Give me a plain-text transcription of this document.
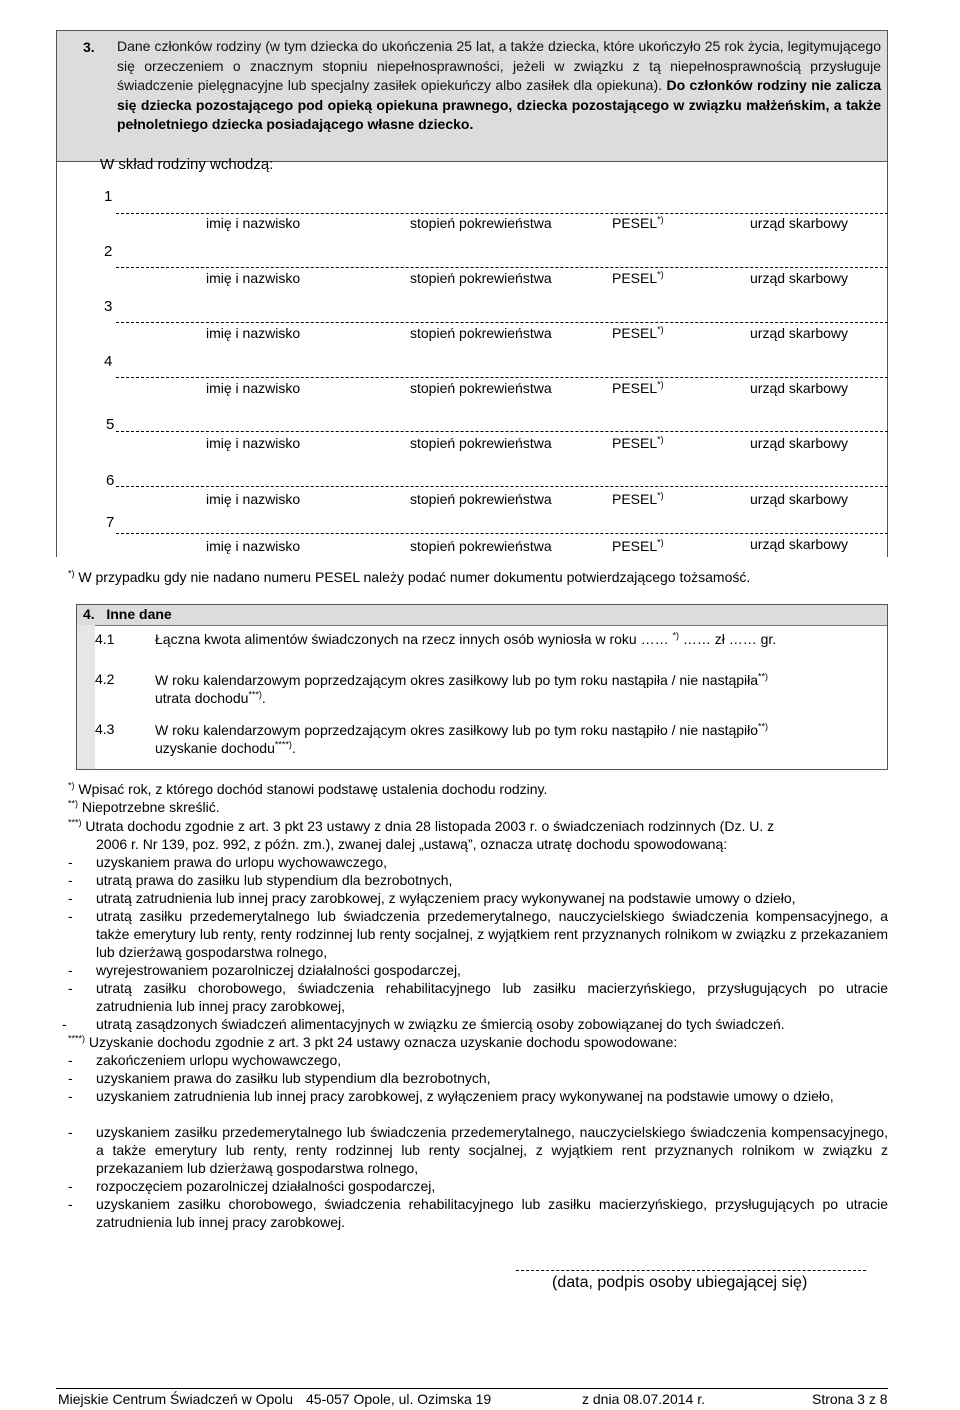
3. Dane członków rodziny (w tym dziecka do ukończenia 25 lat, a także dziecka, które ukończyło 25 rok życia, legitymującego się orzeczeniem o znacznym stopniu niepełnosprawności, jeżeli w związku z tą niepełnosprawnością przysługuje świadczenie pielęgnacyjne lub specjalny zasiłek opiekuńczy albo zasiłek dla opiekuna). Do członków rodziny nie zalicza się dziecka pozostającego pod opieką opiekuna prawnego, dziecka pozostającego w związku małżeńskim, a także pełnoletniego dziecka posiadającego własne dziecko.
W skład rodziny wchodzą:
1
imię i nazwisko	stopień pokrewieństwa	PESEL*)	urząd skarbowy
2
imię i nazwisko	stopień pokrewieństwa	PESEL*)	urząd skarbowy
3
imię i nazwisko	stopień pokrewieństwa	PESEL*)	urząd skarbowy
4
imię i nazwisko	stopień pokrewieństwa	PESEL*)	urząd skarbowy
5
imię i nazwisko	stopień pokrewieństwa	PESEL*)	urząd skarbowy
6
imię i nazwisko	stopień pokrewieństwa	PESEL*)	urząd skarbowy
7
imię i nazwisko	stopień pokrewieństwa	PESEL*)	urząd skarbowy
*) W przypadku gdy nie nadano numeru PESEL należy podać numer dokumentu potwierdzającego tożsamość.
4. Inne dane
4.1	Łączna kwota alimentów świadczonych na rzecz innych osób wyniosła w roku …… *) …… zł …… gr.
4.2	W roku kalendarzowym poprzedzającym okres zasiłkowy lub po tym roku nastąpiła / nie nastąpiła**)
utrata dochodu***).
4.3	W roku kalendarzowym poprzedzającym okres zasiłkowy lub po tym roku nastąpiło / nie nastąpiło**)
uzyskanie dochodu****).
*) Wpisać rok, z którego dochód stanowi podstawę ustalenia dochodu rodziny.
**) Niepotrzebne skreślić.
***) Utrata dochodu zgodnie z art. 3 pkt 23 ustawy z dnia 28 listopada 2003 r. o świadczeniach rodzinnych (Dz. U. z
2006 r. Nr 139, poz. 992, z późn. zm.), zwanej dalej „ustawą”, oznacza utratę dochodu spowodowaną:
- uzyskaniem prawa do urlopu wychowawczego,
- utratą prawa do zasiłku lub stypendium dla bezrobotnych,
- utratą zatrudnienia lub innej pracy zarobkowej, z wyłączeniem pracy wykonywanej na podstawie umowy o dzieło,
- utratą zasiłku przedemerytalnego lub świadczenia przedemerytalnego, nauczycielskiego świadczenia kompensacyjnego, a także emerytury lub renty, renty rodzinnej lub renty socjalnej, z wyjątkiem rent przyznanych rolnikom w związku z przekazaniem lub dzierżawą gospodarstwa rolnego,
- wyrejestrowaniem pozarolniczej działalności gospodarczej,
- utratą zasiłku chorobowego, świadczenia rehabilitacyjnego lub zasiłku macierzyńskiego, przysługujących po utracie zatrudnienia lub innej pracy zarobkowej,
- utratą zasądzonych świadczeń alimentacyjnych w związku ze śmiercią osoby zobowiązanej do tych świadczeń.
****) Uzyskanie dochodu zgodnie z art. 3 pkt 24 ustawy oznacza uzyskanie dochodu spowodowane:
- zakończeniem urlopu wychowawczego,
- uzyskaniem prawa do zasiłku lub stypendium dla bezrobotnych,
- uzyskaniem zatrudnienia lub innej pracy zarobkowej, z wyłączeniem pracy wykonywanej na podstawie umowy o dzieło,
- uzyskaniem zasiłku przedemerytalnego lub świadczenia przedemerytalnego, nauczycielskiego świadczenia kompensacyjnego, a także emerytury lub renty, renty rodzinnej lub renty socjalnej, z wyjątkiem rent przyznanych rolnikom w związku z przekazaniem lub dzierżawą gospodarstwa rolnego,
- rozpoczęciem pozarolniczej działalności gospodarczej,
- uzyskaniem zasiłku chorobowego, świadczenia rehabilitacyjnego lub zasiłku macierzyńskiego, przysługujących po utracie zatrudnienia lub innej pracy zarobkowej.
(data, podpis osoby ubiegającej się)
Miejskie Centrum Świadczeń w Opolu 45-057 Opole, ul. Ozimska 19	z dnia 08.07.2014 r.	Strona 3 z 8
